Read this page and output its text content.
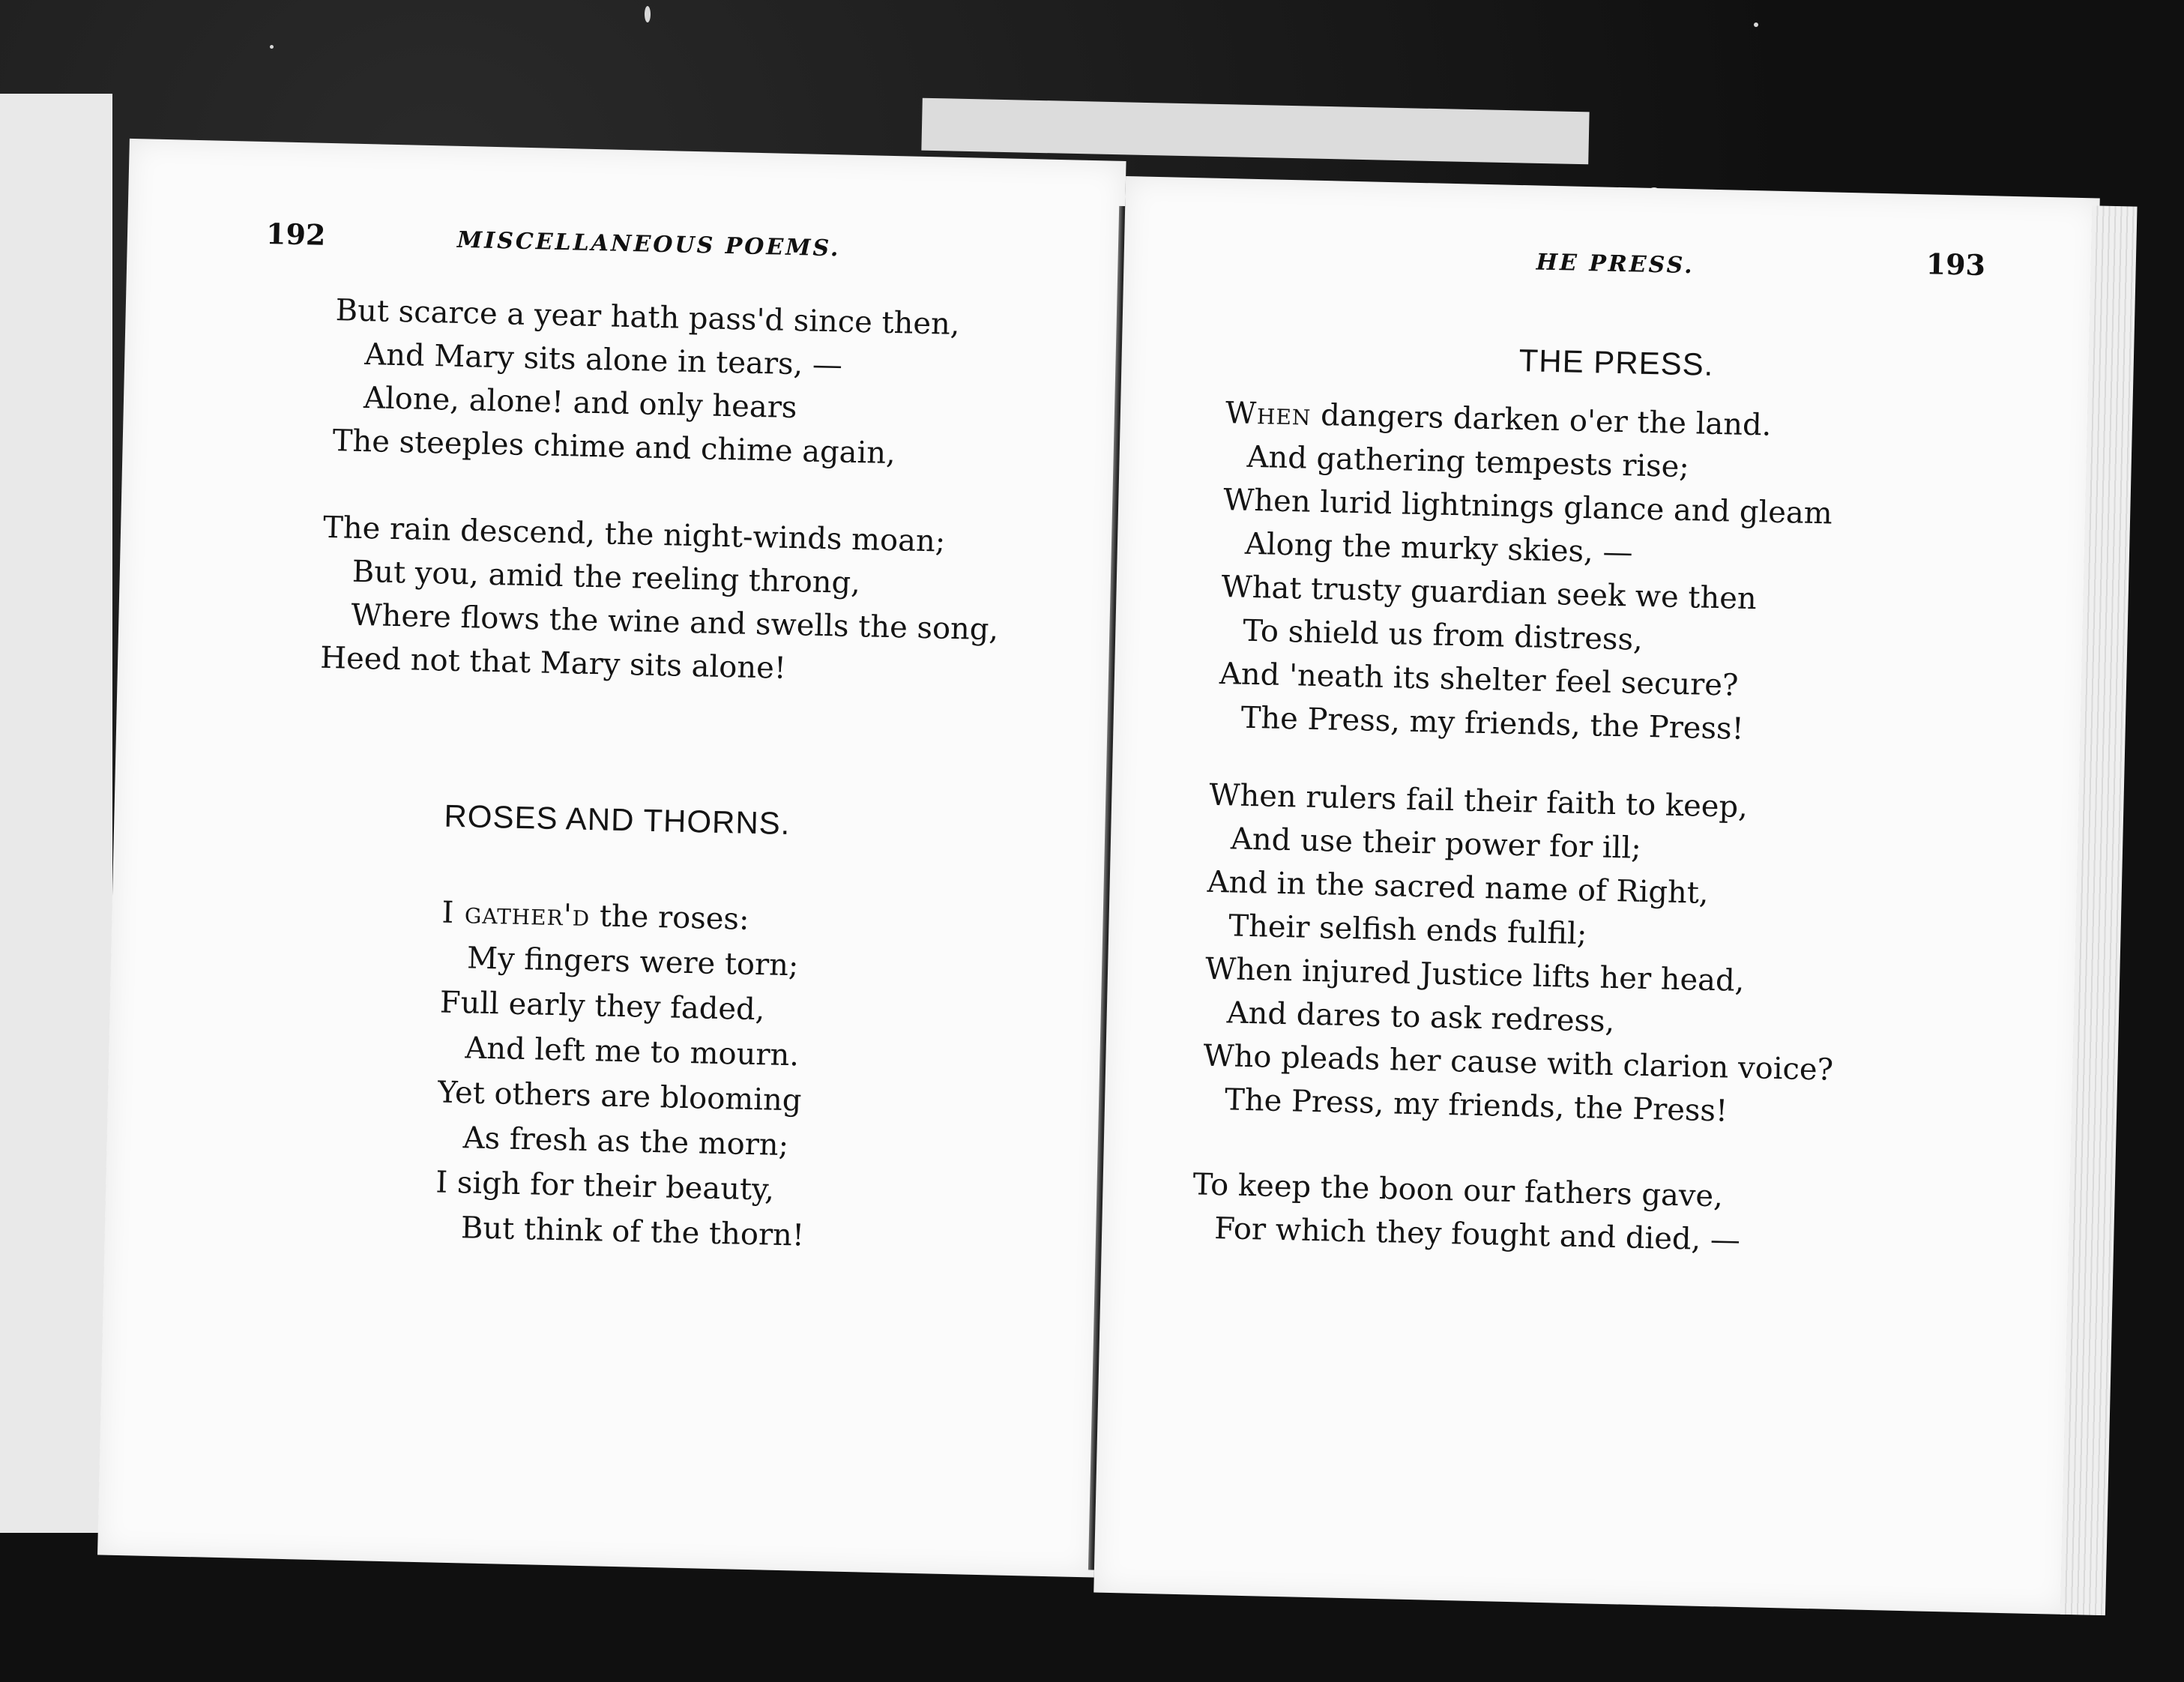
192	MISCELLANEOUS POEMS.
But scarce a year hath pass'd since then,
And Mary sits alone in tears, —
Alone, alone! and only hears
The steeples chime and chime again,
The rain descend, the night-winds moan;
But you, amid the reeling throng,
Where flows the wine and swells the song,
Heed not that Mary sits alone!
ROSES AND THORNS.
I gather'd the roses:
My fingers were torn;
Full early they faded,
And left me to mourn.
Yet others are blooming
As fresh as the morn;
I sigh for their beauty,
But think of the thorn!
HE PRESS.	193
THE PRESS.
When dangers darken o'er the land.
And gathering tempests rise;
When lurid lightnings glance and gleam
Along the murky skies, —
What trusty guardian seek we then
To shield us from distress,
And 'neath its shelter feel secure?
The Press, my friends, the Press!
When rulers fail their faith to keep,
And use their power for ill;
And in the sacred name of Right,
Their selfish ends fulfil;
When injured Justice lifts her head,
And dares to ask redress,
Who pleads her cause with clarion voice?
The Press, my friends, the Press!
To keep the boon our fathers gave,
For which they fought and died, —
